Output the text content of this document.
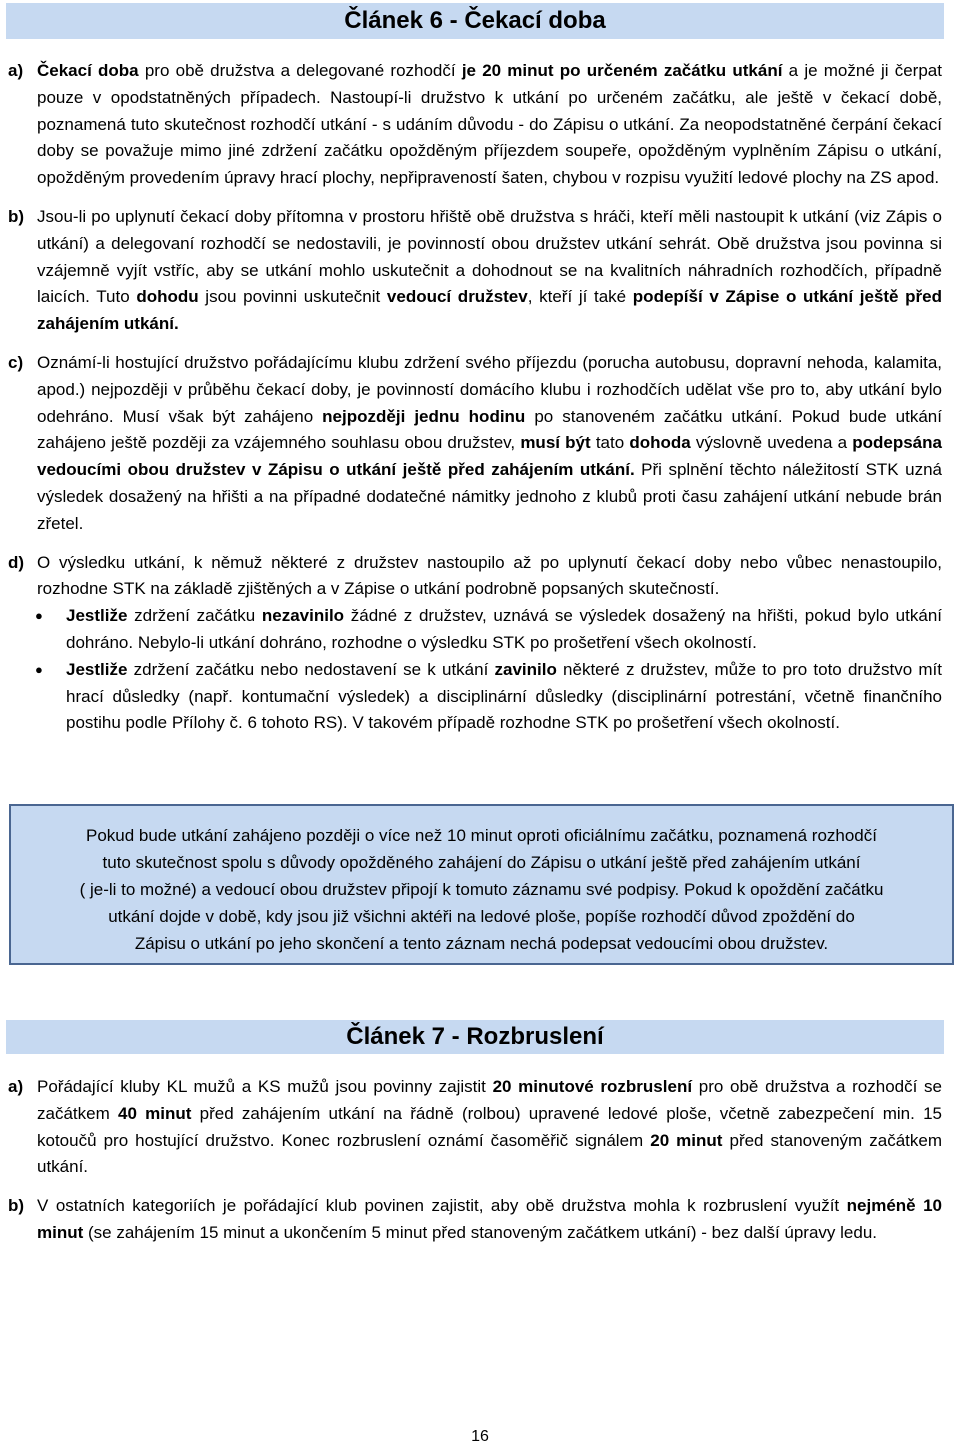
Článek 6 - Čekací doba
a) Čekací doba pro obě družstva a delegované rozhodčí je 20 minut po určeném začátku utkání a je možné ji čerpat pouze v opodstatněných případech. Nastoupí-li družstvo k utkání po určeném začátku, ale ještě v čekací době, poznamená tuto skutečnost rozhodčí utkání - s udáním důvodu - do Zápisu o utkání. Za neopodstatněné čerpání čekací doby se považuje mimo jiné zdržení začátku opožděným příjezdem soupeře, opožděným vyplněním Zápisu o utkání, opožděným provedením úpravy hrací plochy, nepřipraveností šaten, chybou v rozpisu využití ledové plochy na ZS apod.
b) Jsou-li po uplynutí čekací doby přítomna v prostoru hřiště obě družstva s hráči, kteří měli nastoupit k utkání (viz Zápis o utkání) a delegovaní rozhodčí se nedostavili, je povinností obou družstev utkání sehrát. Obě družstva jsou povinna si vzájemně vyjít vstříc, aby se utkání mohlo uskutečnit a dohodnout se na kvalitních náhradních rozhodčích, případně laicích. Tuto dohodu jsou povinni uskutečnit vedoucí družstev, kteří jí také podepíší v Zápise o utkání ještě před zahájením utkání.
c) Oznámí-li hostující družstvo pořádajícímu klubu zdržení svého příjezdu (porucha autobusu, dopravní nehoda, kalamita, apod.) nejpozději v průběhu čekací doby, je povinností domácího klubu i rozhodčích udělat vše pro to, aby utkání bylo odehráno. Musí však být zahájeno nejpozději jednu hodinu po stanoveném začátku utkání. Pokud bude utkání zahájeno ještě později za vzájemného souhlasu obou družstev, musí být tato dohoda výslovně uvedena a podepsána vedoucími obou družstev v Zápisu o utkání ještě před zahájením utkání. Při splnění těchto náležitostí STK uzná výsledek dosažený na hřišti a na případné dodatečné námitky jednoho z klubů proti času zahájení utkání nebude brán zřetel.
d) O výsledku utkání, k němuž některé z družstev nastoupilo až po uplynutí čekací doby nebo vůbec nenastoupilo, rozhodne STK na základě zjištěných a v Zápise o utkání podrobně popsaných skutečností.
●	Jestliže zdržení začátku nezavinilo žádné z družstev, uznává se výsledek dosažený na hřišti, pokud bylo utkání dohráno. Nebylo-li utkání dohráno, rozhodne o výsledku STK po prošetření všech okolností.
●	Jestliže zdržení začátku nebo nedostavení se k utkání zavinilo některé z družstev, může to pro toto družstvo mít hrací důsledky (např. kontumační výsledek) a disciplinární důsledky (disciplinární potrestání, včetně finančního postihu podle Přílohy č. 6 tohoto RS). V takovém případě rozhodne STK po prošetření všech okolností.
Pokud bude utkání zahájeno později o více než 10 minut oproti oficiálnímu začátku, poznamená rozhodčí
tuto skutečnost spolu s důvody opožděného zahájení do Zápisu o utkání ještě před zahájením utkání
( je-li to možné) a vedoucí obou družstev připojí k tomuto záznamu své podpisy. Pokud k opoždění začátku
utkání dojde v době, kdy jsou již všichni aktéři na ledové ploše, popíše rozhodčí důvod zpoždění do
Zápisu o utkání po jeho skončení a tento záznam nechá podepsat vedoucími obou družstev.
Článek 7 - Rozbruslení
a) Pořádající kluby KL mužů a KS mužů jsou povinny zajistit 20 minutové rozbruslení pro obě družstva a rozhodčí se začátkem 40 minut před zahájením utkání na řádně (rolbou) upravené ledové ploše, včetně zabezpečení min. 15 kotoučů pro hostující družstvo. Konec rozbruslení oznámí časoměřič signálem 20 minut před stanoveným začátkem utkání.
b) V ostatních kategoriích je pořádající klub povinen zajistit, aby obě družstva mohla k rozbruslení využít nejméně 10 minut (se zahájením 15 minut a ukončením 5 minut před stanoveným začátkem utkání) - bez další úpravy ledu.
16
